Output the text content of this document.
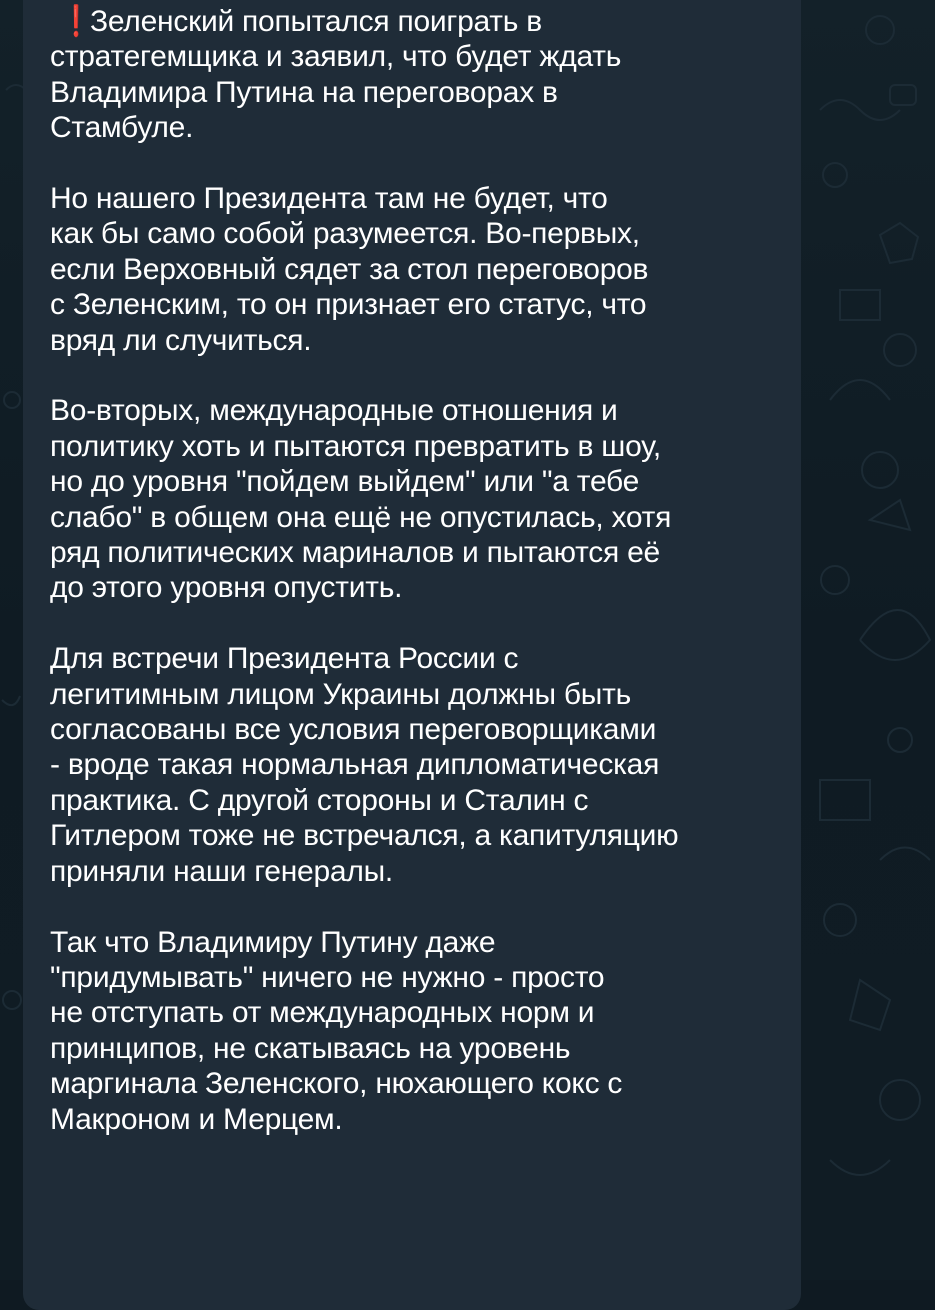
❗Зеленский попытался поиграть в
стратегемщика и заявил, что будет ждать
Владимира Путина на переговорах в
Стамбуле.
Но нашего Президента там не будет, что
как бы само собой разумеется. Во-первых,
если Верховный сядет за стол переговоров
с Зеленским, то он признает его статус, что
вряд ли случиться.
Во-вторых, международные отношения и
политику хоть и пытаются превратить в шоу,
но до уровня "пойдем выйдем" или "а тебе
слабо" в общем она ещё не опустилась, хотя
ряд политических мариналов и пытаются её
до этого уровня опустить.
Для встречи Президента России с
легитимным лицом Украины должны быть
согласованы все условия переговорщиками
- вроде такая нормальная дипломатическая
практика. С другой стороны и Сталин с
Гитлером тоже не встречался, а капитуляцию
приняли наши генералы.
Так что Владимиру Путину даже
"придумывать" ничего не нужно - просто
не отступать от международных норм и
принципов, не скатываясь на уровень
маргинала Зеленского, нюхающего кокс с
Макроном и Мерцем.
